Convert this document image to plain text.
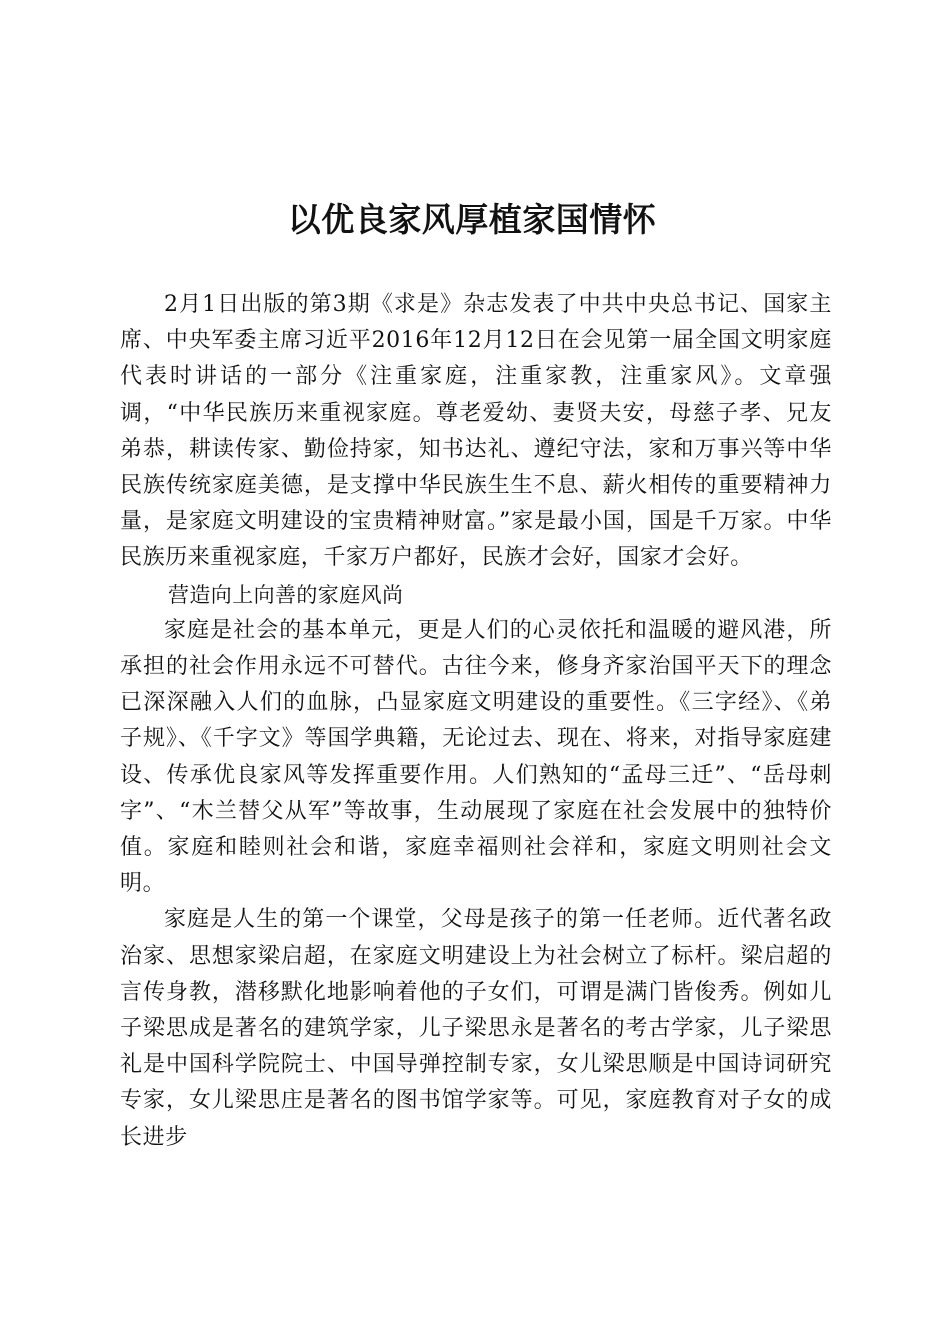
以优良家风厚植家国情怀

2月1日出版的第3期《求是》杂志发表了中共中央总书记、国家主席、中央军委主席习近平2016年12月12日在会见第一届全国文明家庭代表时讲话的一部分《注重家庭，注重家教，注重家风》。文章强调，“中华民族历来重视家庭。尊老爱幼、妻贤夫安，母慈子孝、兄友弟恭，耕读传家、勤俭持家，知书达礼、遵纪守法，家和万事兴等中华民族传统家庭美德，是支撑中华民族生生不息、薪火相传的重要精神力量，是家庭文明建设的宝贵精神财富。”家是最小国，国是千万家。中华民族历来重视家庭，千家万户都好，民族才会好，国家才会好。

营造向上向善的家庭风尚

家庭是社会的基本单元，更是人们的心灵依托和温暖的避风港，所承担的社会作用永远不可替代。古往今来，修身齐家治国平天下的理念已深深融入人们的血脉，凸显家庭文明建设的重要性。《三字经》、《弟子规》、《千字文》等国学典籍，无论过去、现在、将来，对指导家庭建设、传承优良家风等发挥重要作用。人们熟知的“孟母三迁”、“岳母刺字”、“木兰替父从军”等故事，生动展现了家庭在社会发展中的独特价值。家庭和睦则社会和谐，家庭幸福则社会祥和，家庭文明则社会文明。

家庭是人生的第一个课堂，父母是孩子的第一任老师。近代著名政治家、思想家梁启超，在家庭文明建设上为社会树立了标杆。梁启超的言传身教，潜移默化地影响着他的子女们，可谓是满门皆俊秀。例如儿子梁思成是著名的建筑学家，儿子梁思永是著名的考古学家，儿子梁思礼是中国科学院院士、中国导弹控制专家，女儿梁思顺是中国诗词研究专家，女儿梁思庄是著名的图书馆学家等。可见，家庭教育对子女的成长进步
